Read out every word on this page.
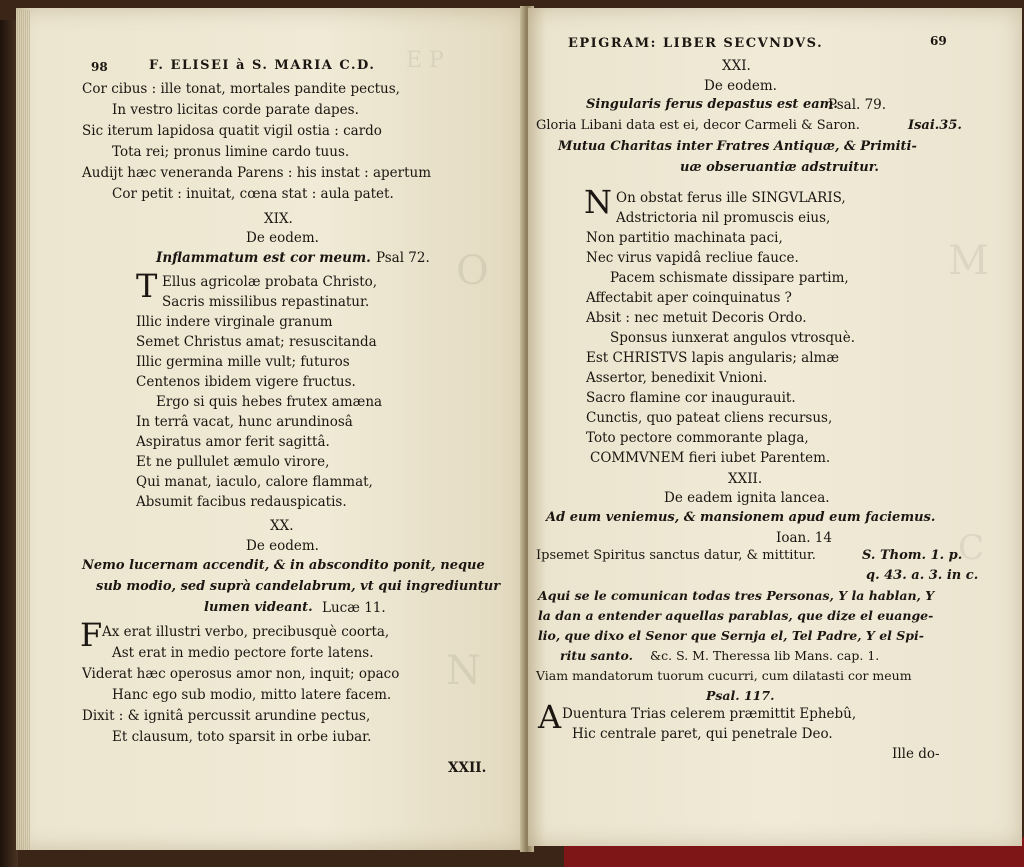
E P
O
N
98	F. ELISEI à S. MARIA C.D.
Cor cibus : ille tonat, mortales pandite pectus,
In vestro licitas corde parate dapes.
Sic iterum lapidosa quatit vigil ostia : cardo
Tota rei; pronus limine cardo tuus.
Audijt hæc veneranda Parens : his instat : apertum
Cor petit : inuitat, cœna stat : aula patet.
XIX.
De eodem.
Inflammatum est cor meum. Psal 72.
T Ellus agricolæ probata Christo,
Sacris missilibus repastinatur.
Illic indere virginale granum
Semet Christus amat; resuscitanda
Illic germina mille vult; futuros
Centenos ibidem vigere fructus.
Ergo si quis hebes frutex amæna
In terrâ vacat, hunc arundinosâ
Aspiratus amor ferit sagittâ.
Et ne pullulet æmulo virore,
Qui manat, iaculo, calore flammat,
Absumit facibus redauspicatis.
XX.
De eodem.
Nemo lucernam accendit, & in abscondito ponit, neque
sub modio, sed suprà candelabrum, vt qui ingrediuntur
lumen videant. Lucæ 11.
F Ax erat illustri verbo, precibusquè coorta,
Ast erat in medio pectore forte latens.
Viderat hæc operosus amor non, inquit; opaco
Hanc ego sub modio, mitto latere facem.
Dixit : & ignitâ percussit arundine pectus,
Et clausum, toto sparsit in orbe iubar.
XXII.
M
C
EPIGRAM: LIBER SECVNDVS.	69
XXI.
De eodem.
Singularis ferus depastus est eam.
Psal. 79.
Gloria Libani data est ei, decor Carmeli & Saron.	Isai.35.
Mutua Charitas inter Fratres Antiquæ, & Primiti-
uæ obseruantiæ adstruitur.
N On obstat ferus ille SINGVLARIS,
Adstrictoria nil promuscis eius,
Non partitio machinata paci,
Nec virus vapidâ recliue fauce.
Pacem schismate dissipare partim,
Affectabit aper coinquinatus ?
Absit : nec metuit Decoris Ordo.
Sponsus iunxerat angulos vtrosquè.
Est CHRISTVS lapis angularis; almæ
Assertor, benedixit Vnioni.
Sacro flamine cor inaugurauit.
Cunctis, quo pateat cliens recursus,
Toto pectore commorante plaga,
COMMVNEM fieri iubet Parentem.
XXII.
De eadem ignita lancea.
Ad eum veniemus, & mansionem apud eum faciemus.
Ioan. 14
Ipsemet Spiritus sanctus datur, & mittitur.	S. Thom. 1. p.
q. 43. a. 3. in c.
Aqui se le comunican todas tres Personas, Y la hablan, Y
la dan a entender aquellas parablas, que dize el euange-
lio, que dixo el Senor que Sernja el, Tel Padre, Y el Spi-
ritu santo. &c. S. M. Theressa lib Mans. cap. 1.
Viam mandatorum tuorum cucurri, cum dilatasti cor meum
Psal. 117.
A Duentura Trias celerem præmittit Ephebû,
Hic centrale paret, qui penetrale Deo.
Ille do-
